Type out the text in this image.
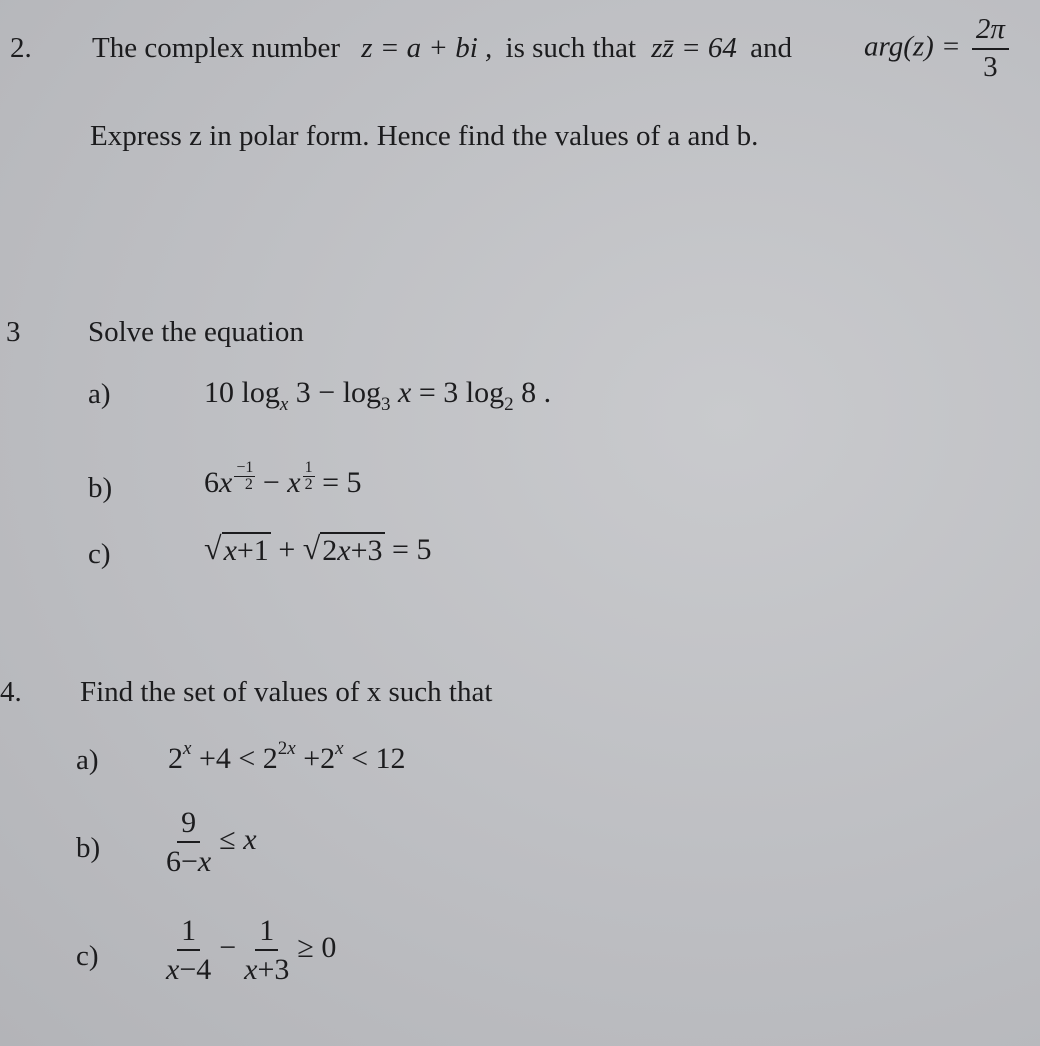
2. The complex number z = a + bi , is such that zz̄ = 64 and $arg(z) = \frac{2\pi}{3}$
Express z in polar form. Hence find the values of a and b.
3 Solve the equation
a)	10 $\log_x 3 - \log_3 x = 3$ $\log_2 8$ .
b)	$6x \frac{-1}{2} - x \frac{1}{2} = 5$
c)	√ x+1 + √ 2x+3 = 5
4. Find the set of values of x such that
a) $2^x +4 < 2^{2x} +2^x < 12$
$b) \frac{9}{6-x} \le x$
$c) \frac{1}{x-4} - \frac{1}{x+3} \ge 0$
